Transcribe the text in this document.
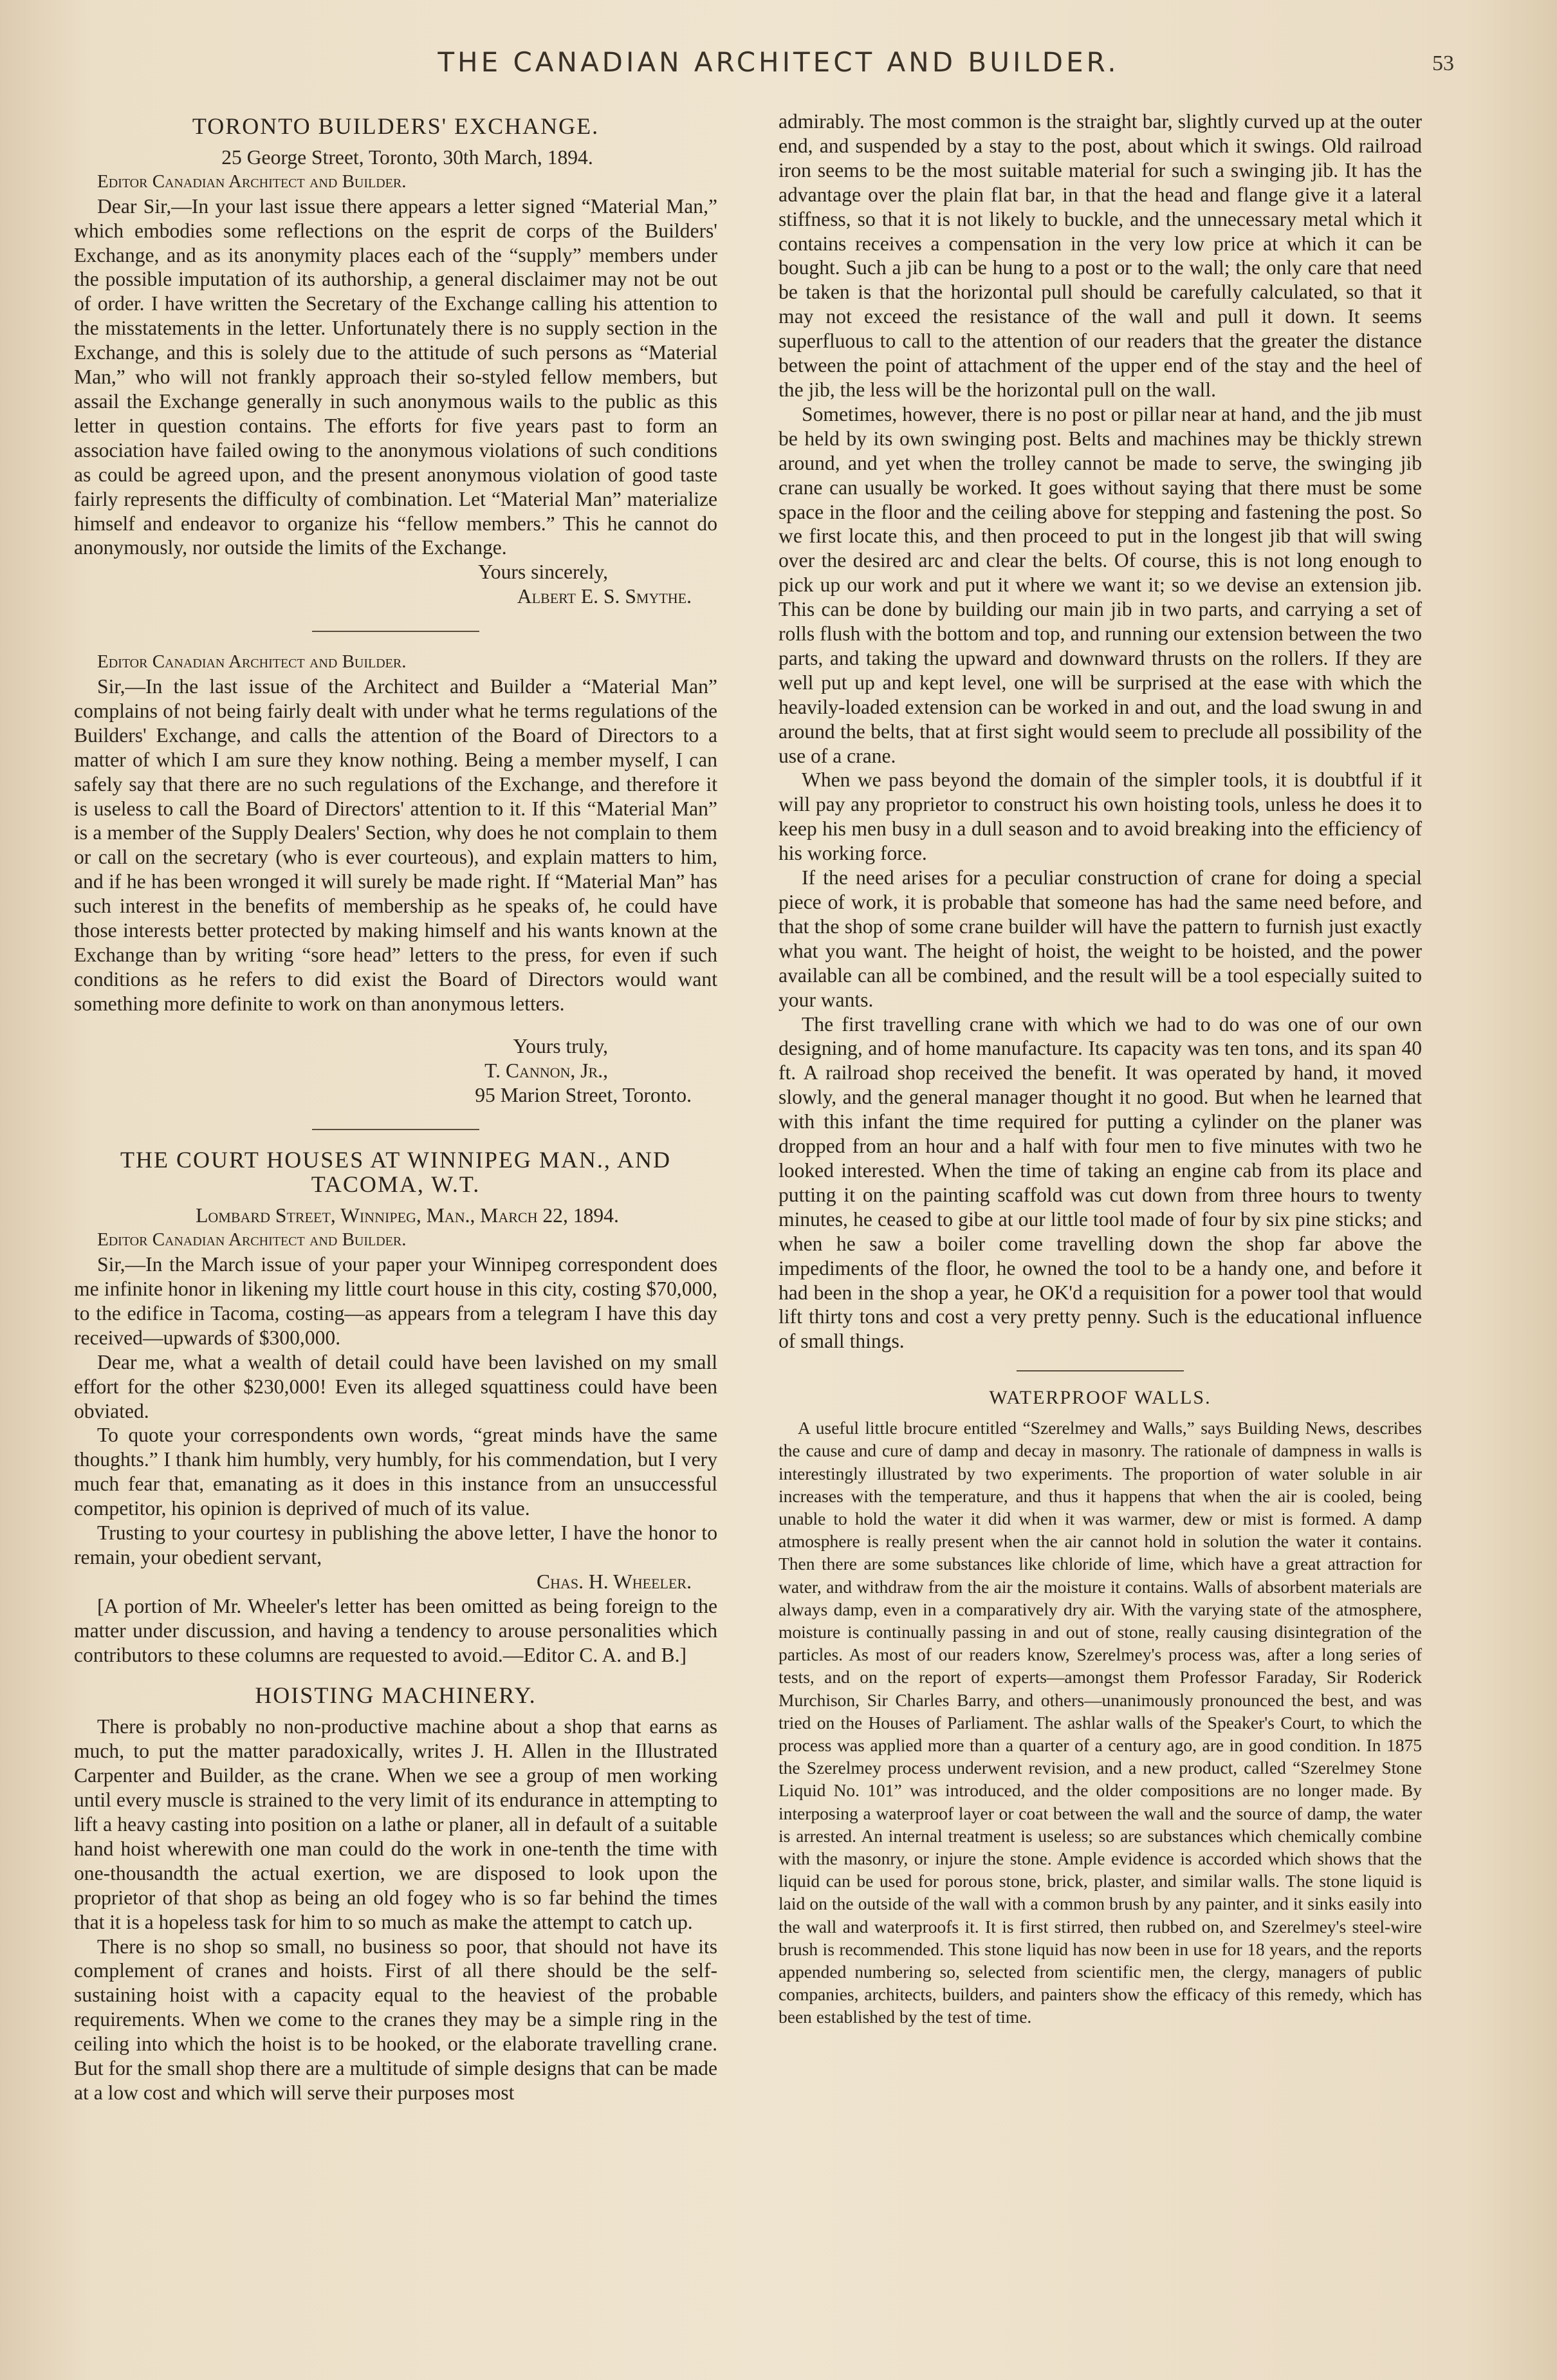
THE CANADIAN ARCHITECT AND BUILDER.	53
TORONTO BUILDERS' EXCHANGE.

25 George Street, Toronto, 30th March, 1894.

Editor Canadian Architect and Builder.

Dear Sir,—In your last issue there appears a letter signed “Material Man,” which embodies some reflections on the esprit de corps of the Builders' Exchange, and as its anonymity places each of the “supply” members under the possible imputation of its authorship, a general disclaimer may not be out of order. I have written the Secretary of the Exchange calling his attention to the misstatements in the letter. Unfortunately there is no supply section in the Exchange, and this is solely due to the attitude of such persons as “Material Man,” who will not frankly approach their so-styled fellow members, but assail the Exchange generally in such anonymous wails to the public as this letter in question contains. The efforts for five years past to form an association have failed owing to the anonymous violations of such conditions as could be agreed upon, and the present anonymous violation of good taste fairly represents the difficulty of combination. Let “Material Man” materialize himself and endeavor to organize his “fellow members.” This he cannot do anonymously, nor outside the limits of the Exchange.

Yours sincerely,

Albert E. S. Smythe.

Editor Canadian Architect and Builder.

Sir,—In the last issue of the Architect and Builder a “Material Man” complains of not being fairly dealt with under what he terms regulations of the Builders' Exchange, and calls the attention of the Board of Directors to a matter of which I am sure they know nothing. Being a member myself, I can safely say that there are no such regulations of the Exchange, and therefore it is useless to call the Board of Directors' attention to it. If this “Material Man” is a member of the Supply Dealers' Section, why does he not complain to them or call on the secretary (who is ever courteous), and explain matters to him, and if he has been wronged it will surely be made right. If “Material Man” has such interest in the benefits of membership as he speaks of, he could have those interests better protected by making himself and his wants known at the Exchange than by writing “sore head” letters to the press, for even if such conditions as he refers to did exist the Board of Directors would want something more definite to work on than anonymous letters.

Yours truly,

T. Cannon, Jr.,

95 Marion Street, Toronto.

THE COURT HOUSES AT WINNIPEG MAN., AND TACOMA, W.T.

Lombard Street, Winnipeg, Man., March 22, 1894.

Editor Canadian Architect and Builder.

Sir,—In the March issue of your paper your Winnipeg correspondent does me infinite honor in likening my little court house in this city, costing $70,000, to the edifice in Tacoma, costing—as appears from a telegram I have this day received—upwards of $300,000.

Dear me, what a wealth of detail could have been lavished on my small effort for the other $230,000! Even its alleged squattiness could have been obviated.

To quote your correspondents own words, “great minds have the same thoughts.” I thank him humbly, very humbly, for his commendation, but I very much fear that, emanating as it does in this instance from an unsuccessful competitor, his opinion is deprived of much of its value.

Trusting to your courtesy in publishing the above letter, I have the honor to remain, your obedient servant,

Chas. H. Wheeler.

[A portion of Mr. Wheeler's letter has been omitted as being foreign to the matter under discussion, and having a tendency to arouse personalities which contributors to these columns are requested to avoid.—Editor C. A. and B.]

HOISTING MACHINERY.

There is probably no non-productive machine about a shop that earns as much, to put the matter paradoxically, writes J. H. Allen in the Illustrated Carpenter and Builder, as the crane. When we see a group of men working until every muscle is strained to the very limit of its endurance in attempting to lift a heavy casting into position on a lathe or planer, all in default of a suitable hand hoist wherewith one man could do the work in one-tenth the time with one-thousandth the actual exertion, we are disposed to look upon the proprietor of that shop as being an old fogey who is so far behind the times that it is a hopeless task for him to so much as make the attempt to catch up.

There is no shop so small, no business so poor, that should not have its complement of cranes and hoists. First of all there should be the self-sustaining hoist with a capacity equal to the heaviest of the probable requirements. When we come to the cranes they may be a simple ring in the ceiling into which the hoist is to be hooked, or the elaborate travelling crane. But for the small shop there are a multitude of simple designs that can be made at a low cost and which will serve their purposes most

admirably. The most common is the straight bar, slightly curved up at the outer end, and suspended by a stay to the post, about which it swings. Old railroad iron seems to be the most suitable material for such a swinging jib. It has the advantage over the plain flat bar, in that the head and flange give it a lateral stiffness, so that it is not likely to buckle, and the unnecessary metal which it contains receives a compensation in the very low price at which it can be bought. Such a jib can be hung to a post or to the wall; the only care that need be taken is that the horizontal pull should be carefully calculated, so that it may not exceed the resistance of the wall and pull it down. It seems superfluous to call to the attention of our readers that the greater the distance between the point of attachment of the upper end of the stay and the heel of the jib, the less will be the horizontal pull on the wall.

Sometimes, however, there is no post or pillar near at hand, and the jib must be held by its own swinging post. Belts and machines may be thickly strewn around, and yet when the trolley cannot be made to serve, the swinging jib crane can usually be worked. It goes without saying that there must be some space in the floor and the ceiling above for stepping and fastening the post. So we first locate this, and then proceed to put in the longest jib that will swing over the desired arc and clear the belts. Of course, this is not long enough to pick up our work and put it where we want it; so we devise an extension jib. This can be done by building our main jib in two parts, and carrying a set of rolls flush with the bottom and top, and running our extension between the two parts, and taking the upward and downward thrusts on the rollers. If they are well put up and kept level, one will be surprised at the ease with which the heavily-loaded extension can be worked in and out, and the load swung in and around the belts, that at first sight would seem to preclude all possibility of the use of a crane.

When we pass beyond the domain of the simpler tools, it is doubtful if it will pay any proprietor to construct his own hoisting tools, unless he does it to keep his men busy in a dull season and to avoid breaking into the efficiency of his working force.

If the need arises for a peculiar construction of crane for doing a special piece of work, it is probable that someone has had the same need before, and that the shop of some crane builder will have the pattern to furnish just exactly what you want. The height of hoist, the weight to be hoisted, and the power available can all be combined, and the result will be a tool especially suited to your wants.

The first travelling crane with which we had to do was one of our own designing, and of home manufacture. Its capacity was ten tons, and its span 40 ft. A railroad shop received the benefit. It was operated by hand, it moved slowly, and the general manager thought it no good. But when he learned that with this infant the time required for putting a cylinder on the planer was dropped from an hour and a half with four men to five minutes with two he looked interested. When the time of taking an engine cab from its place and putting it on the painting scaffold was cut down from three hours to twenty minutes, he ceased to gibe at our little tool made of four by six pine sticks; and when he saw a boiler come travelling down the shop far above the impediments of the floor, he owned the tool to be a handy one, and before it had been in the shop a year, he OK'd a requisition for a power tool that would lift thirty tons and cost a very pretty penny. Such is the educational influence of small things.

WATERPROOF WALLS.

A useful little brocure entitled “Szerelmey and Walls,” says Building News, describes the cause and cure of damp and decay in masonry. The rationale of dampness in walls is interestingly illustrated by two experiments. The proportion of water soluble in air increases with the temperature, and thus it happens that when the air is cooled, being unable to hold the water it did when it was warmer, dew or mist is formed. A damp atmosphere is really present when the air cannot hold in solution the water it contains. Then there are some substances like chloride of lime, which have a great attraction for water, and withdraw from the air the moisture it contains. Walls of absorbent materials are always damp, even in a comparatively dry air. With the varying state of the atmosphere, moisture is continually passing in and out of stone, really causing disintegration of the particles. As most of our readers know, Szerelmey's process was, after a long series of tests, and on the report of experts—amongst them Professor Faraday, Sir Roderick Murchison, Sir Charles Barry, and others—unanimously pronounced the best, and was tried on the Houses of Parliament. The ashlar walls of the Speaker's Court, to which the process was applied more than a quarter of a century ago, are in good condition. In 1875 the Szerelmey process underwent revision, and a new product, called “Szerelmey Stone Liquid No. 101” was introduced, and the older compositions are no longer made. By interposing a waterproof layer or coat between the wall and the source of damp, the water is arrested. An internal treatment is useless; so are substances which chemically combine with the masonry, or injure the stone. Ample evidence is accorded which shows that the liquid can be used for porous stone, brick, plaster, and similar walls. The stone liquid is laid on the outside of the wall with a common brush by any painter, and it sinks easily into the wall and waterproofs it. It is first stirred, then rubbed on, and Szerelmey's steel-wire brush is recommended. This stone liquid has now been in use for 18 years, and the reports appended numbering so, selected from scientific men, the clergy, managers of public companies, architects, builders, and painters show the efficacy of this remedy, which has been established by the test of time.
